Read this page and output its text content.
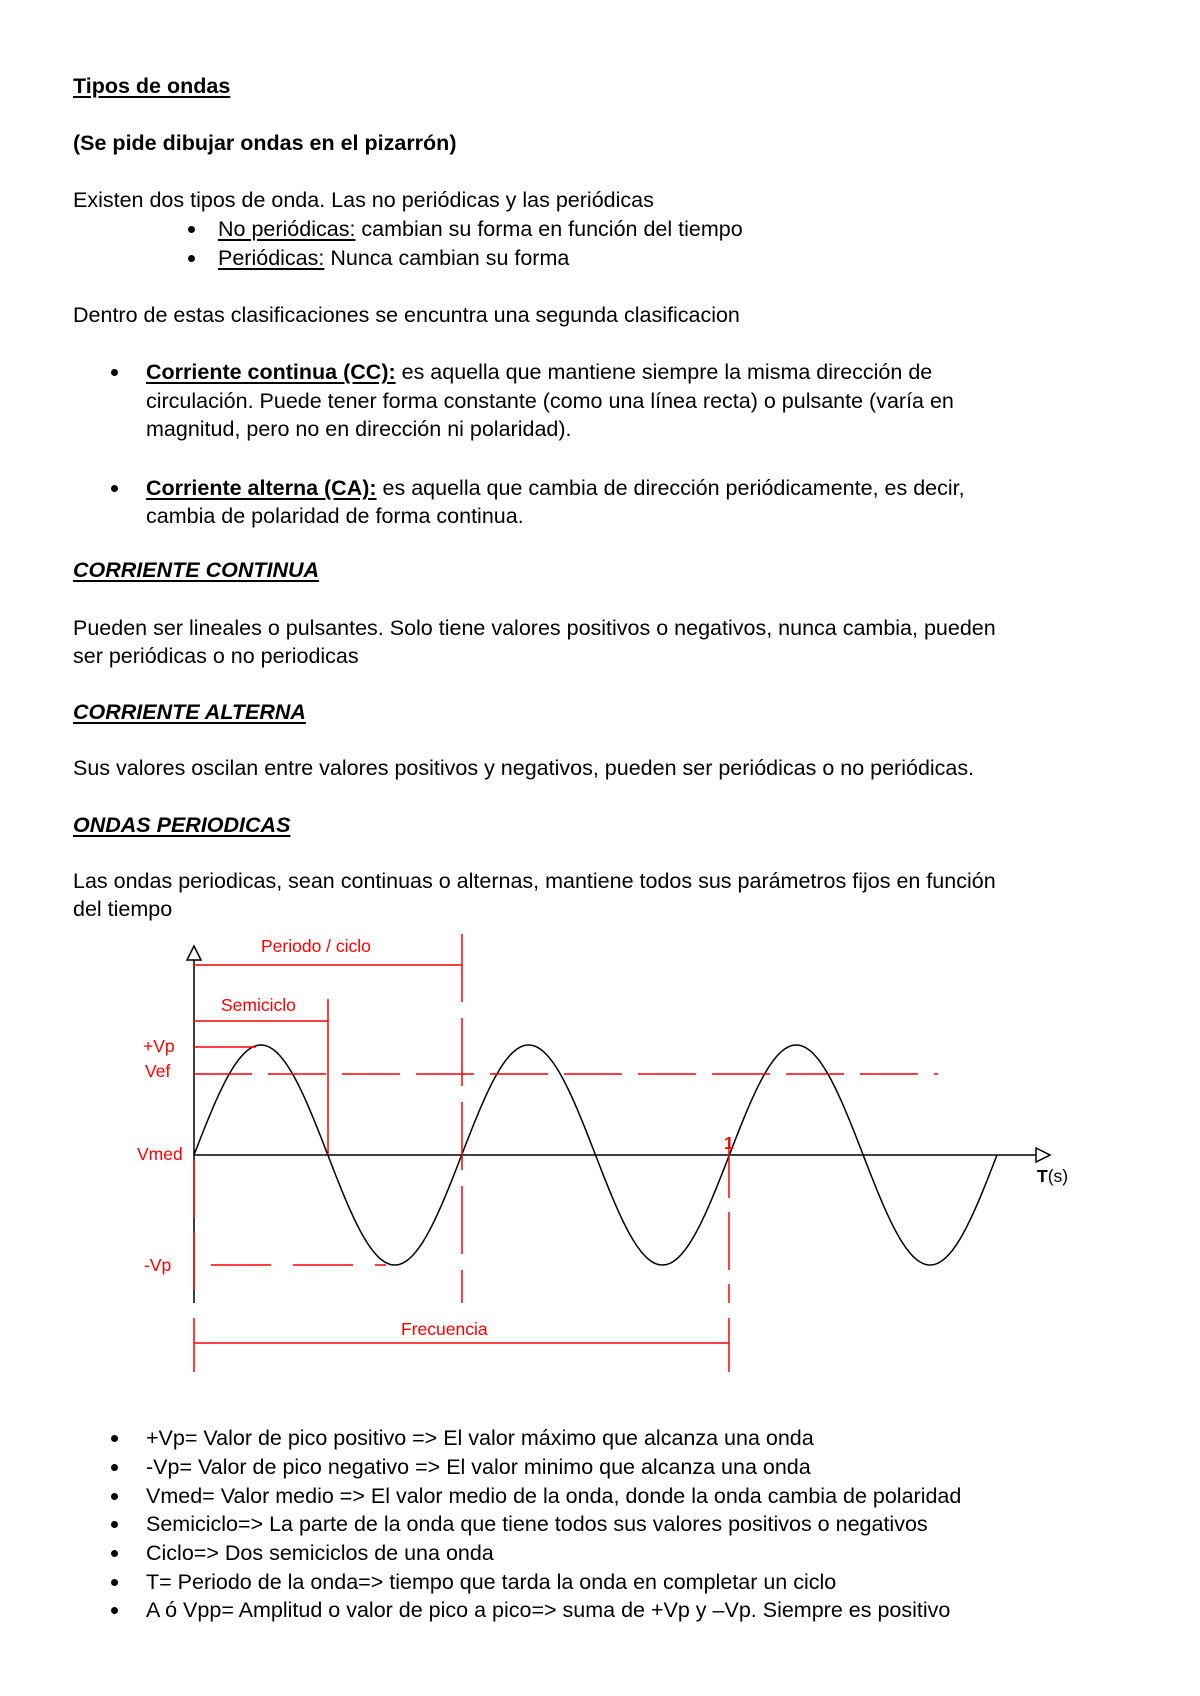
Tipos de ondas
(Se pide dibujar ondas en el pizarrón)
Existen dos tipos de onda. Las no periódicas y las periódicas
No periódicas: cambian su forma en función del tiempo
Periódicas: Nunca cambian su forma
Dentro de estas clasificaciones se encuntra una segunda clasificacion
Corriente continua (CC): es aquella que mantiene siempre la misma dirección de
circulación. Puede tener forma constante (como una línea recta) o pulsante (varía en
magnitud, pero no en dirección ni polaridad).
Corriente alterna (CA): es aquella que cambia de dirección periódicamente, es decir,
cambia de polaridad de forma continua.
CORRIENTE CONTINUA
Pueden ser lineales o pulsantes. Solo tiene valores positivos o negativos, nunca cambia, pueden
ser periódicas o no periodicas
CORRIENTE ALTERNA
Sus valores oscilan entre valores positivos y negativos, pueden ser periódicas o no periódicas.
ONDAS PERIODICAS
Las ondas periodicas, sean continuas o alternas, mantiene todos sus parámetros fijos en función
del tiempo
Periodo / ciclo
Semiciclo
+Vp
Vef
Vmed
-Vp
1
T(s)
Frecuencia
+Vp= Valor de pico positivo => El valor máximo que alcanza una onda
-Vp= Valor de pico negativo => El valor minimo que alcanza una onda
Vmed= Valor medio => El valor medio de la onda, donde la onda cambia de polaridad
Semiciclo=> La parte de la onda que tiene todos sus valores positivos o negativos
Ciclo=> Dos semiciclos de una onda
T= Periodo de la onda=> tiempo que tarda la onda en completar un ciclo
A ó Vpp= Amplitud o valor de pico a pico=> suma de +Vp y –Vp. Siempre es positivo
